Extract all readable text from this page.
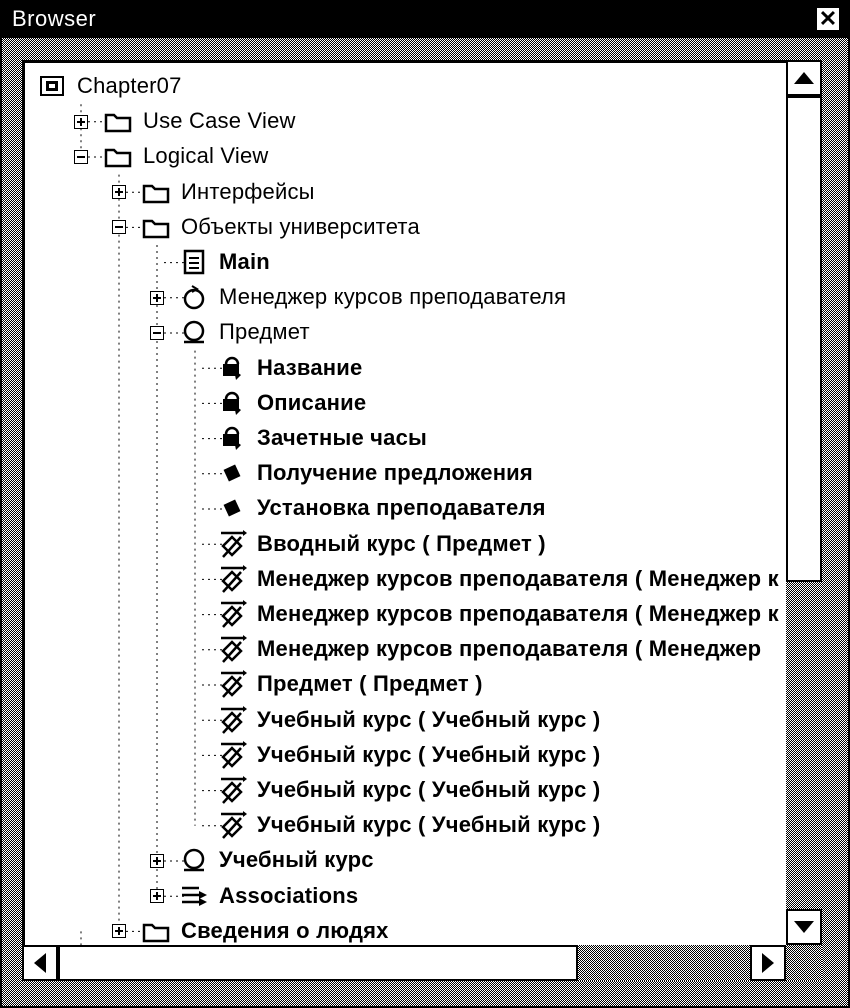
Browser	✕
Chapter07
Use Case View
Logical View
Интерфейсы
Объекты университета
Main
Менеджер курсов преподавателя
Предмет
Название
Описание
Зачетные часы
Получение предложения
Установка преподавателя
Вводный курс ( Предмет )
Менеджер курсов преподавателя ( Менеджер к
Менеджер курсов преподавателя ( Менеджер к
Менеджер курсов преподавателя ( Менеджер
Предмет ( Предмет )
Учебный курс ( Учебный курс )
Учебный курс ( Учебный курс )
Учебный курс ( Учебный курс )
Учебный курс ( Учебный курс )
Учебный курс
Associations
Сведения о людях
